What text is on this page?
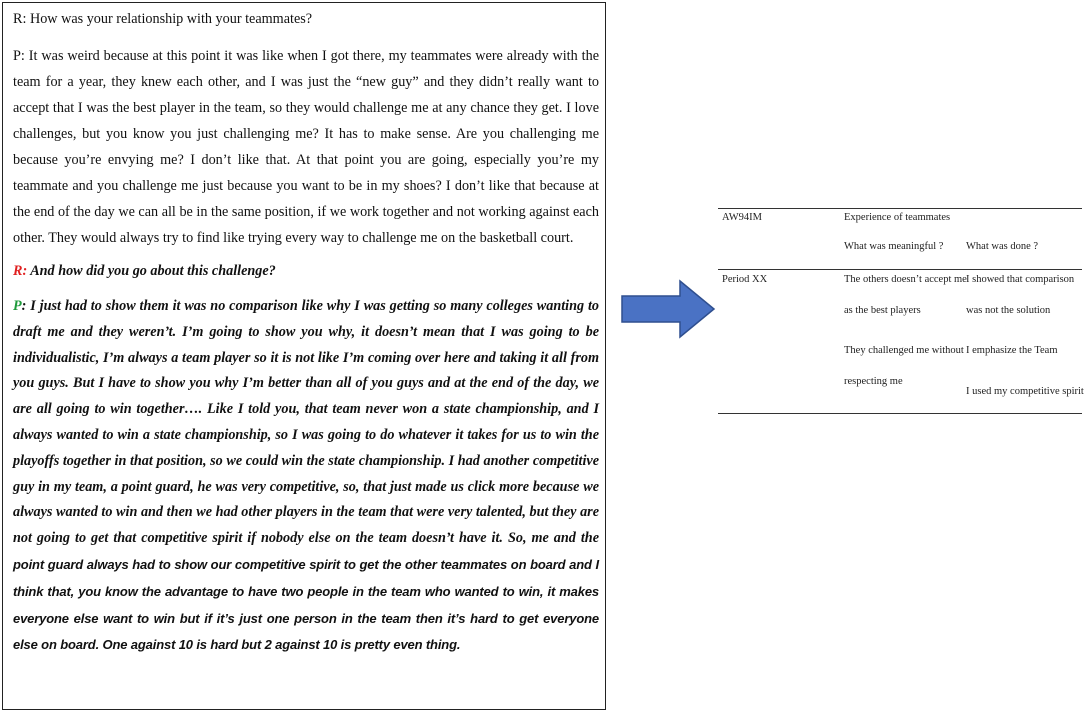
R: How was your relationship with your teammates?

P: It was weird because at this point it was like when I got there, my teammates were already with the team for a year, they knew each other, and I was just the “new guy” and they didn’t really want to accept that I was the best player in the team, so they would challenge me at any chance they get. I love challenges, but you know you just challenging me? It has to make sense. Are you challenging me because you’re envying me? I don’t like that. At that point you are going, especially you’re my teammate and you challenge me just because you want to be in my shoes? I don’t like that because at the end of the day we can all be in the same position, if we work together and not working against each other. They would always try to find like trying every way to challenge me on the basketball court.

R: And how did you go about this challenge?

P: I just had to show them it was no comparison like why I was getting so many colleges wanting to draft me and they weren’t. I’m going to show you why, it doesn’t mean that I was going to be individualistic, I’m always a team player so it is not like I’m coming over here and taking it all from you guys. But I have to show you why I’m better than all of you guys and at the end of the day, we are all going to win together…. Like I told you, that team never won a state championship, and I always wanted to win a state championship, so I was going to do whatever it takes for us to win the playoffs together in that position, so we could win the state championship. I had another competitive guy in my team, a point guard, he was very competitive, so, that just made us click more because we always wanted to win and then we had other players in the team that were very talented, but they are not going to get that competitive spirit if nobody else on the team doesn’t have it. So, me and the point guard always had to show our competitive spirit to get the other teammates on board and I think that, you know the advantage to have two people in the team who wanted to win, it makes everyone else want to win but if it’s just one person in the team then it’s hard to get everyone else on board. One against 10 is hard but 2 against 10 is pretty even thing.

AW94IM	Experience of teammates
What was meaningful ? What was done ?
Period XX	The others doesn’t accept me
as the best players
They challenged me without
respecting me
I showed that comparison
was not the solution
I emphasize the Team
I used my competitive spirit
